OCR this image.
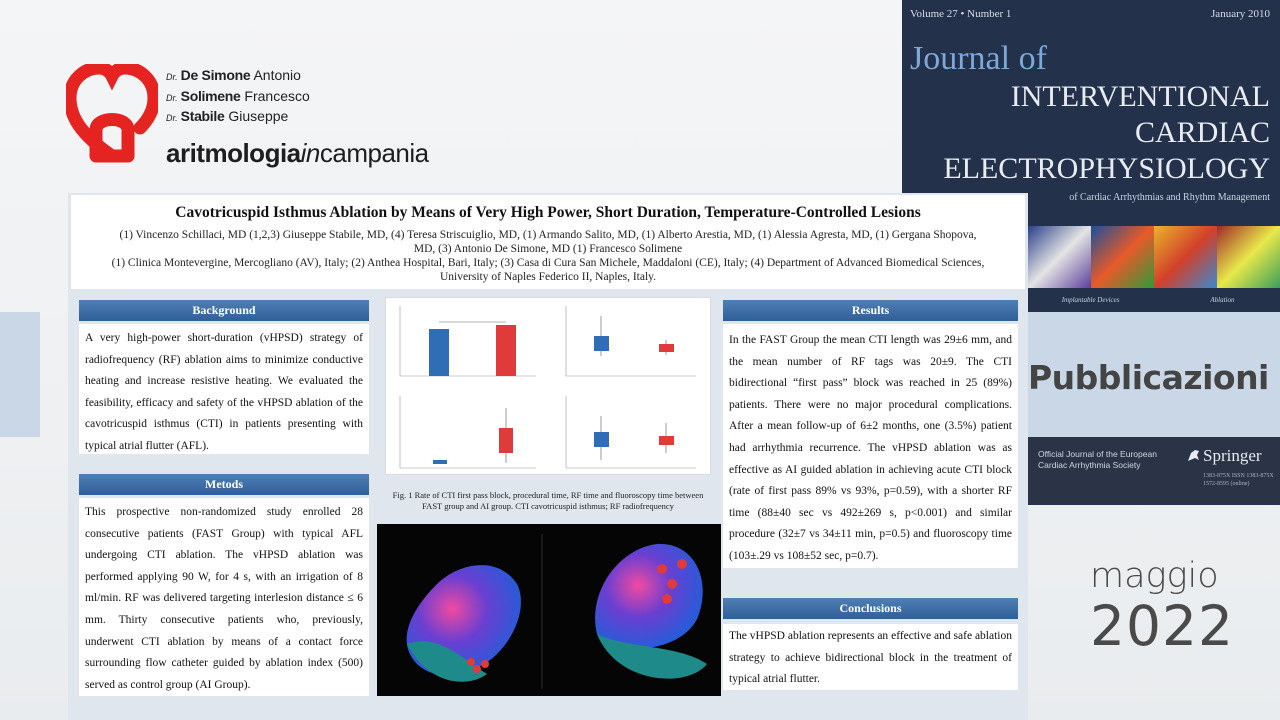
Dr. De Simone Antonio
Dr. Solimene Francesco
Dr. Stabile Giuseppe
aritmologiaincampania
Volume 27 • Number 1	January 2010
Journal of
INTERVENTIONAL
CARDIAC
ELECTROPHYSIOLOGY
of Cardiac Arrhythmias and Rhythm Management
Implantable Devices	Ablation
Pubblicazioni
Official Journal of the European Cardiac Arrhythmia Society	Springer
1383-875X ISSN 1383-875X
1572-8595 (online)
maggio
2022
Cavotricuspid Isthmus Ablation by Means of Very High Power, Short Duration, Temperature-Controlled Lesions
(1) Vincenzo Schillaci, MD (1,2,3) Giuseppe Stabile, MD, (4) Teresa Striscuiglio, MD, (1) Armando Salito, MD, (1) Alberto Arestia, MD, (1) Alessia Agresta, MD, (1) Gergana Shopova, MD, (3) Antonio De Simone, MD (1) Francesco Solimene
(1) Clinica Montevergine, Mercogliano (AV), Italy; (2) Anthea Hospital, Bari, Italy; (3) Casa di Cura San Michele, Maddaloni (CE), Italy; (4) Department of Advanced Biomedical Sciences, University of Naples Federico II, Naples, Italy.
Background
A very high-power short-duration (vHPSD) strategy of radiofrequency (RF) ablation aims to minimize conductive heating and increase resistive heating. We evaluated the feasibility, efficacy and safety of the vHPSD ablation of the cavotricuspid isthmus (CTI) in patients presenting with typical atrial flutter (AFL).
Metods
This prospective non-randomized study enrolled 28 consecutive patients (FAST Group) with typical AFL undergoing CTI ablation. The vHPSD ablation was performed applying 90 W, for 4 s, with an irrigation of 8 ml/min. RF was delivered targeting interlesion distance ≤ 6 mm. Thirty consecutive patients who, previously, underwent CTI ablation by means of a contact force surrounding flow catheter guided by ablation index (500) served as control group (AI Group).
Results
In the FAST Group the mean CTI length was 29±6 mm, and the mean number of RF tags was 20±9. The CTI bidirectional “first pass” block was reached in 25 (89%) patients. There were no major procedural complications. After a mean follow-up of 6±2 months, one (3.5%) patient had arrhythmia recurrence. The vHPSD ablation was as effective as AI guided ablation in achieving acute CTI block (rate of first pass 89% vs 93%, p=0.59), with a shorter RF time (88±40 sec vs 492±269 s, p<0.001) and similar procedure (32±7 vs 34±11 min, p=0.5) and fluoroscopy time (103±.29 vs 108±52 sec, p=0.7).
Conclusions
The vHPSD ablation represents an effective and safe ablation strategy to achieve bidirectional block in the treatment of typical atrial flutter.
Fig. 1 Rate of CTI first pass block, procedural time, RF time and fluoroscopy time between FAST group and AI group. CTI cavotricuspid isthmus; RF radiofrequency
